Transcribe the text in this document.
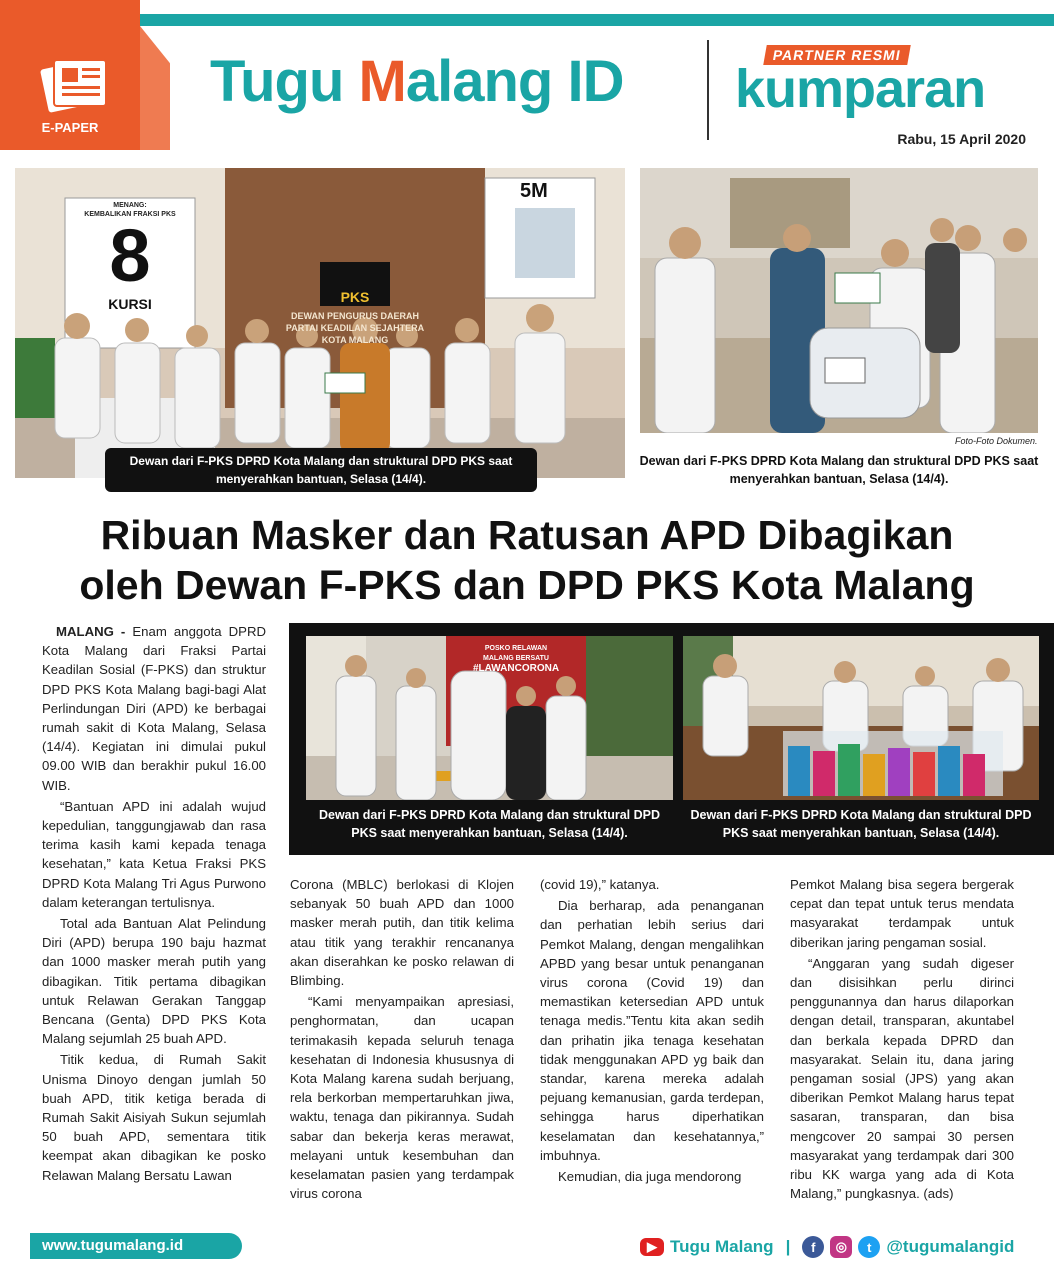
E-PAPER
Tugu Malang ID	PARTNER RESMI
kumparan
Rabu, 15 April 2020
MENANG:
KEMBALIKAN FRAKSI PKS
8
KURSI	PKS
DEWAN PENGURUS DAERAH
PARTAI KEADILAN SEJAHTERA
KOTA MALANG
5M
Dewan dari F-PKS DPRD Kota Malang dan struktural DPD PKS saat menyerahkan bantuan, Selasa (14/4).
Foto-Foto Dokumen.
Dewan dari F-PKS DPRD Kota Malang dan struktural DPD PKS saat menyerahkan bantuan, Selasa (14/4).
Ribuan Masker dan Ratusan APD Dibagikan
oleh Dewan F-PKS dan DPD PKS Kota Malang
POSKO RELAWAN
MALANG BERSATU
#LAWANCORONA
Dewan dari F-PKS DPRD Kota Malang dan struktural DPD PKS saat menyerahkan bantuan, Selasa (14/4).
Dewan dari F-PKS DPRD Kota Malang dan struktural DPD PKS saat menyerahkan bantuan, Selasa (14/4).

MALANG - Enam anggota DPRD Kota Malang dari Fraksi Partai Keadilan Sosial (F-PKS) dan struktur DPD PKS Kota Malang bagi-bagi Alat Perlindungan Diri (APD) ke berbagai rumah sakit di Kota Malang, Selasa (14/4). Kegiatan ini dimulai pukul 09.00 WIB dan berakhir pukul 16.00 WIB.

“Bantuan APD ini adalah wujud kepedulian, tanggungjawab dan rasa terima kasih kami kepada tenaga kesehatan,” kata Ketua Fraksi PKS DPRD Kota Malang Tri Agus Purwono dalam keterangan tertulisnya.

Total ada Bantuan Alat Pelindung Diri (APD) berupa 190 baju hazmat dan 1000 masker merah putih yang dibagikan. Titik pertama dibagikan untuk Relawan Gerakan Tanggap Bencana (Genta) DPD PKS Kota Malang sejumlah 25 buah APD.

Titik kedua, di Rumah Sakit Unisma Dinoyo dengan jumlah 50 buah APD, titik ketiga berada di Rumah Sakit Aisiyah Sukun sejumlah 50 buah APD, sementara titik keempat akan dibagikan ke posko Relawan Malang Bersatu Lawan

Corona (MBLC) berlokasi di Klojen sebanyak 50 buah APD dan 1000 masker merah putih, dan titik kelima atau titik yang terakhir rencananya akan diserahkan ke posko relawan di Blimbing.

“Kami menyampaikan apresiasi, penghormatan, dan ucapan terimakasih kepada seluruh tenaga kesehatan di Indonesia khususnya di Kota Malang karena sudah berjuang, rela berkorban mempertaruhkan jiwa, waktu, tenaga dan pikirannya. Sudah sabar dan bekerja keras merawat, melayani untuk kesembuhan dan keselamatan pasien yang terdampak virus corona

(covid 19),” katanya.

Dia berharap, ada penanganan dan perhatian lebih serius dari Pemkot Malang, dengan mengalihkan APBD yang besar untuk penanganan virus corona (Covid 19) dan memastikan ketersedian APD untuk tenaga medis.”Tentu kita akan sedih dan prihatin jika tenaga kesehatan tidak menggunakan APD yg baik dan standar, karena mereka adalah pejuang kemanusian, garda terdepan, sehingga harus diperhatikan keselamatan dan kesehatannya,” imbuhnya.

Kemudian, dia juga mendorong

Pemkot Malang bisa segera bergerak cepat dan tepat untuk terus mendata masyarakat terdampak untuk diberikan jaring pengaman sosial.

“Anggaran yang sudah digeser dan disisihkan perlu dirinci penggunannya dan harus dilaporkan dengan detail, transparan, akuntabel dan berkala kepada DPRD dan masyarakat. Selain itu, dana jaring pengaman sosial (JPS) yang akan diberikan Pemkot Malang harus tepat sasaran, transparan, dan bisa mengcover 20 sampai 30 persen masyarakat yang terdampak dari 300 ribu KK warga yang ada di Kota Malang,” pungkasnya. (ads)

www.tugumalang.id	▶ Tugu Malang |	f	◎	t @tugumalangid
